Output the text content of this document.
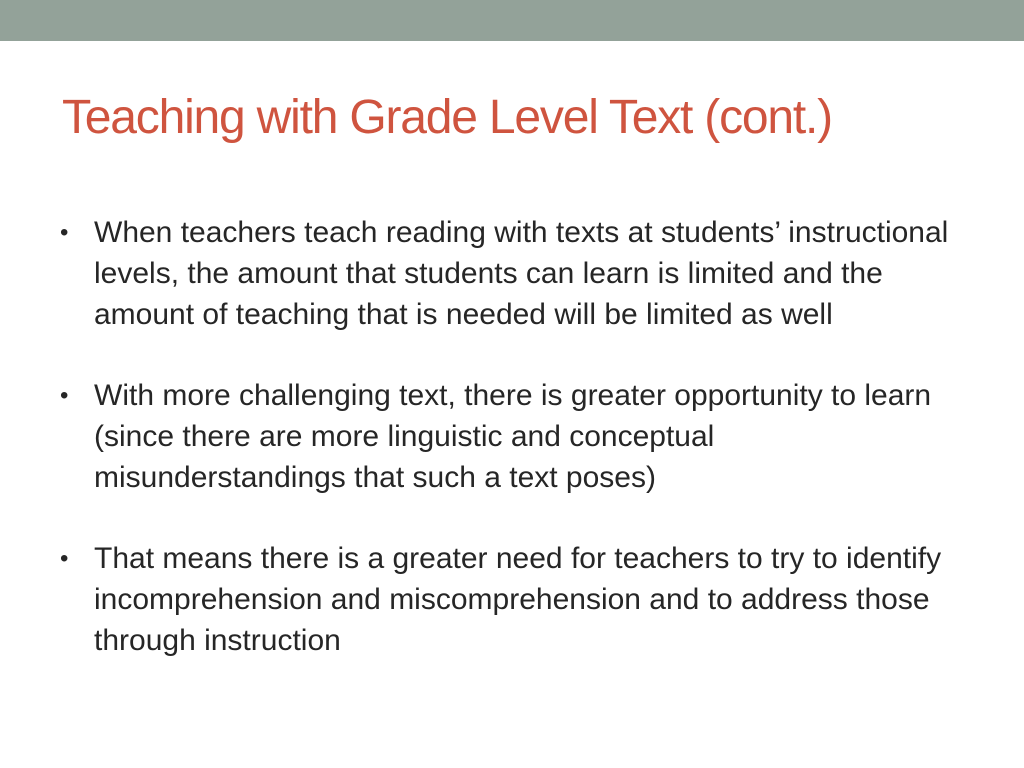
Teaching with Grade Level Text (cont.)
• When teachers teach reading with texts at students’ instructional levels, the amount that students can learn is limited and the amount of teaching that is needed will be limited as well
• With more challenging text, there is greater opportunity to learn (since there are more linguistic and conceptual misunderstandings that such a text poses)
• That means there is a greater need for teachers to try to identify incomprehension and miscomprehension and to address those through instruction
